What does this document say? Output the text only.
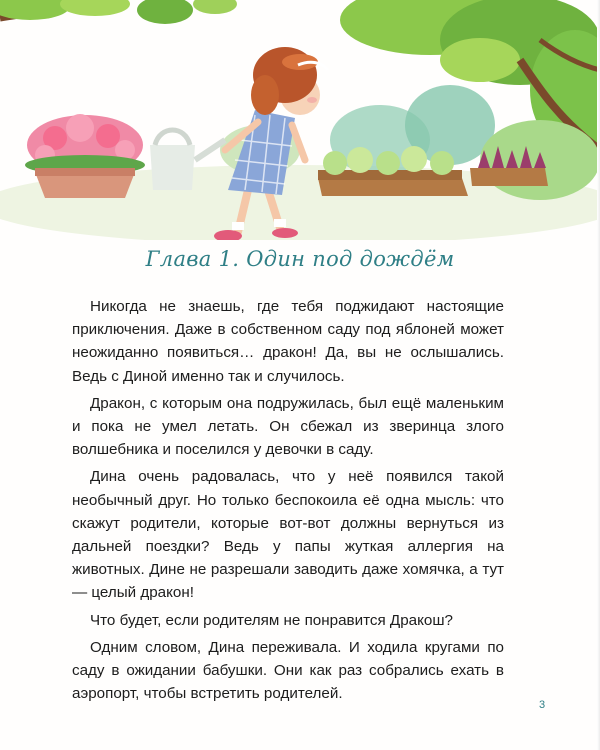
Глава 1. Один под дождём

Никогда не знаешь, где тебя поджидают настоящие приключения. Даже в собственном саду под яблоней может неожиданно появиться… дракон! Да, вы не ослышались. Ведь с Диной именно так и случилось.

Дракон, с которым она подружилась, был ещё маленьким и пока не умел летать. Он сбежал из зверинца злого волшебника и поселился у девочки в саду.

Дина очень радовалась, что у неё появился такой необычный друг. Но только беспокоила её одна мысль: что скажут родители, которые вот-вот должны вернуться из дальней поездки? Ведь у папы жуткая аллергия на животных. Дине не разрешали заводить даже хомячка, а тут — целый дракон!

Что будет, если родителям не понравится Дракош?

Одним словом, Дина переживала. И ходила кругами по саду в ожидании бабушки. Они как раз собрались ехать в аэропорт, чтобы встретить родителей.

3
